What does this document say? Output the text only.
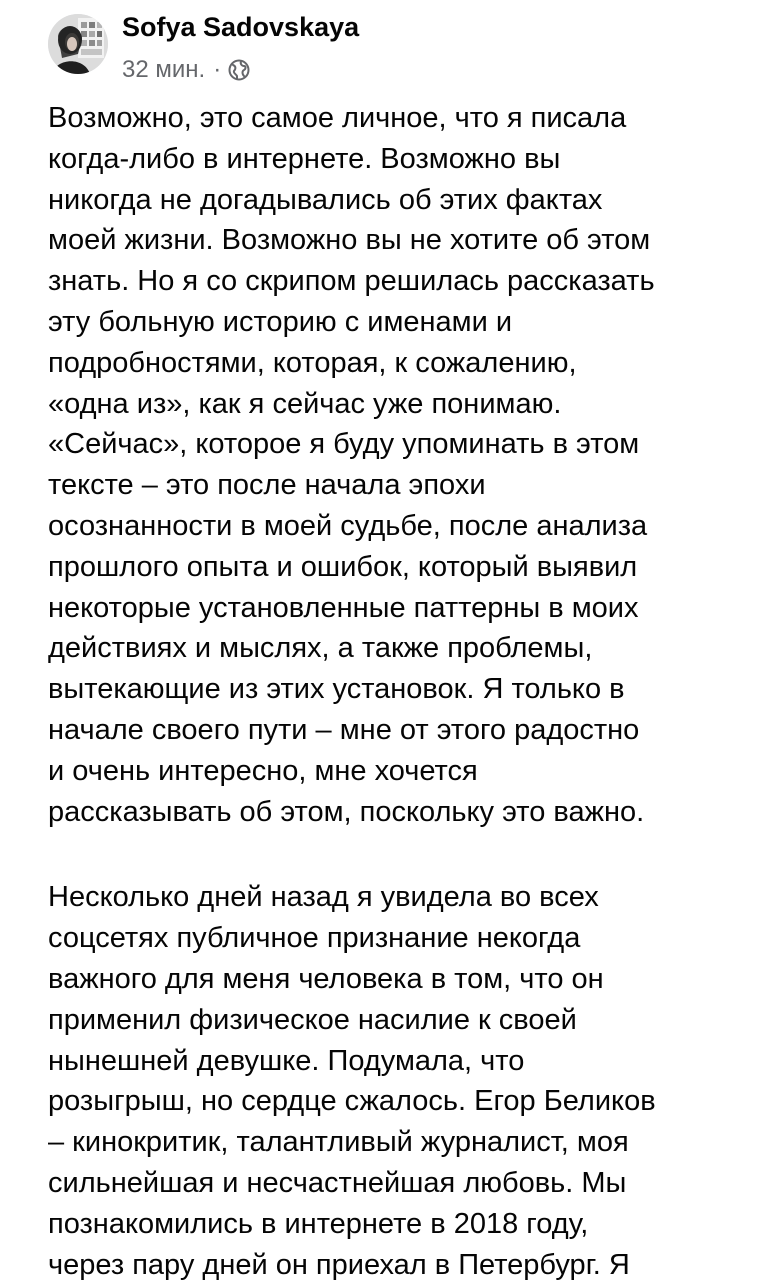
Sofya Sadovskaya
32 мин. ·

Возможно, это самое личное, что я писала
когда-либо в интернете. Возможно вы
никогда не догадывались об этих фактах
моей жизни. Возможно вы не хотите об этом
знать. Но я со скрипом решилась рассказать
эту больную историю с именами и
подробностями, которая, к сожалению,
«одна из», как я сейчас уже понимаю.
«Сейчас», которое я буду упоминать в этом
тексте – это после начала эпохи
осознанности в моей судьбе, после анализа
прошлого опыта и ошибок, который выявил
некоторые установленные паттерны в моих
действиях и мыслях, а также проблемы,
вытекающие из этих установок. Я только в
начале своего пути – мне от этого радостно
и очень интересно, мне хочется
рассказывать об этом, поскольку это важно.

Несколько дней назад я увидела во всех
соцсетях публичное признание некогда
важного для меня человека в том, что он
применил физическое насилие к своей
нынешней девушке. Подумала, что
розыгрыш, но сердце сжалось. Егор Беликов
– кинокритик, талантливый журналист, моя
сильнейшая и несчастнейшая любовь. Мы
познакомились в интернете в 2018 году,
через пару дней он приехал в Петербург. Я
